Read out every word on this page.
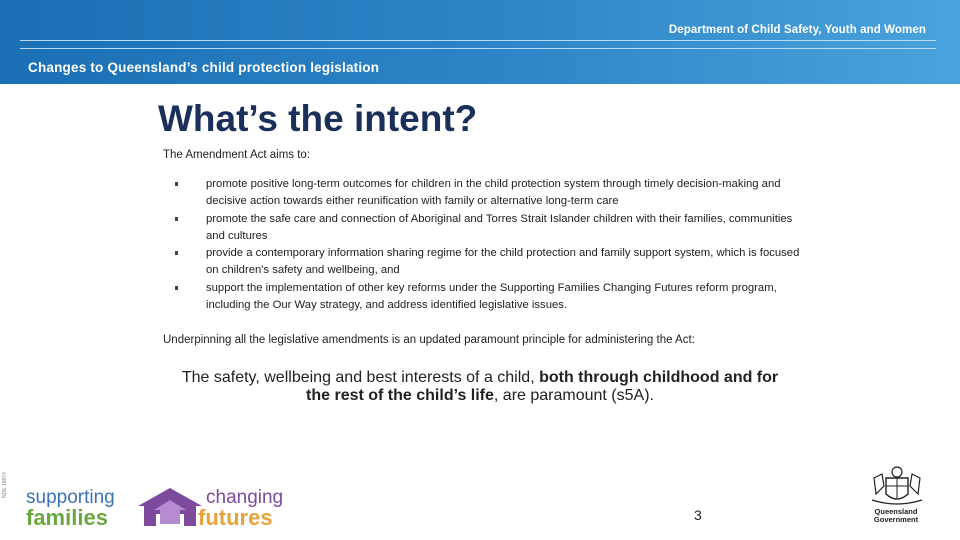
Department of Child Safety, Youth and Women
Changes to Queensland’s child protection legislation
What’s the intent?
The Amendment Act aims to:
promote positive long-term outcomes for children in the child protection system through timely decision-making and decisive action towards either reunification with family or alternative long-term care
promote the safe care and connection of Aboriginal and Torres Strait Islander children with their families, communities and cultures
provide a contemporary information sharing regime for the child protection and family support system, which is focused on children's safety and wellbeing, and
support the implementation of other key reforms under the Supporting Families Changing Futures reform program, including the Our Way strategy, and address identified legislative issues.
Underpinning all the legislative amendments is an updated paramount principle for administering the Act:
The safety, wellbeing and best interests of a child, both through childhood and for the rest of the child’s life, are paramount (s5A).
3
NDE 18874 supporting
families
changing
futures	Queensland
Government
